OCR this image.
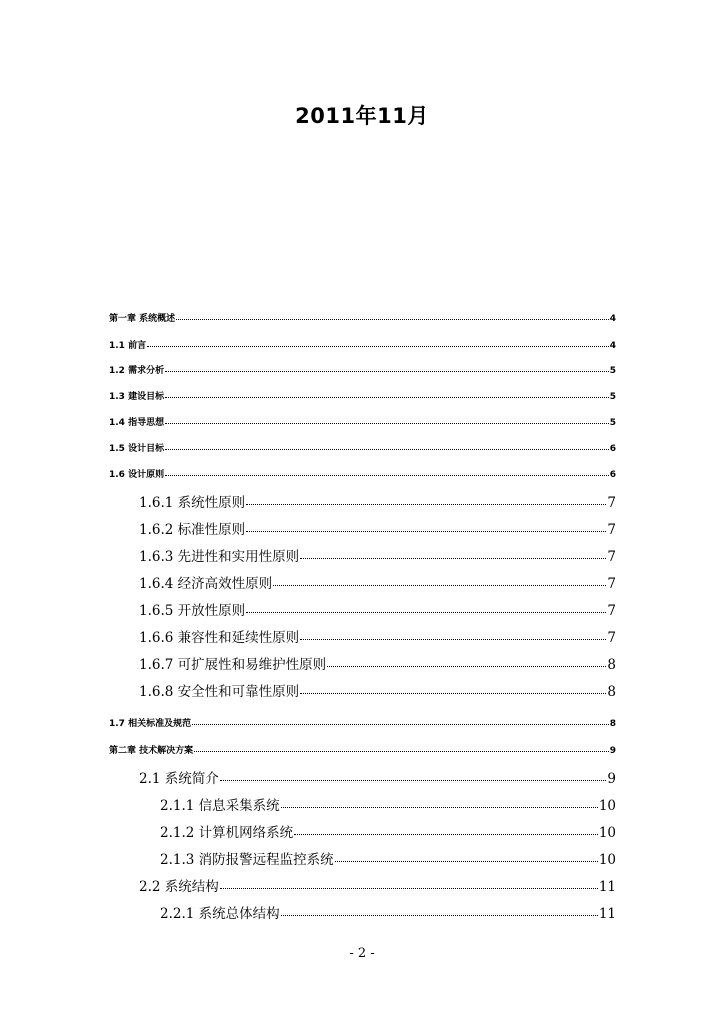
2011年11月
第一章 系统概述	4
1.1 前言	4
1.2 需求分析	5
1.3 建设目标	5
1.4 指导思想	5
1.5 设计目标	6
1.6 设计原则	6
1.6.1 系统性原则	7
1.6.2 标准性原则	7
1.6.3 先进性和实用性原则	7
1.6.4 经济高效性原则	7
1.6.5 开放性原则	7
1.6.6 兼容性和延续性原则	7
1.6.7 可扩展性和易维护性原则	8
1.6.8 安全性和可靠性原则	8
1.7 相关标准及规范	8
第二章 技术解决方案	9
2.1 系统简介	9
2.1.1 信息采集系统	10
2.1.2 计算机网络系统	10
2.1.3 消防报警远程监控系统	10
2.2 系统结构	11
2.2.1 系统总体结构	11
- 2 -
